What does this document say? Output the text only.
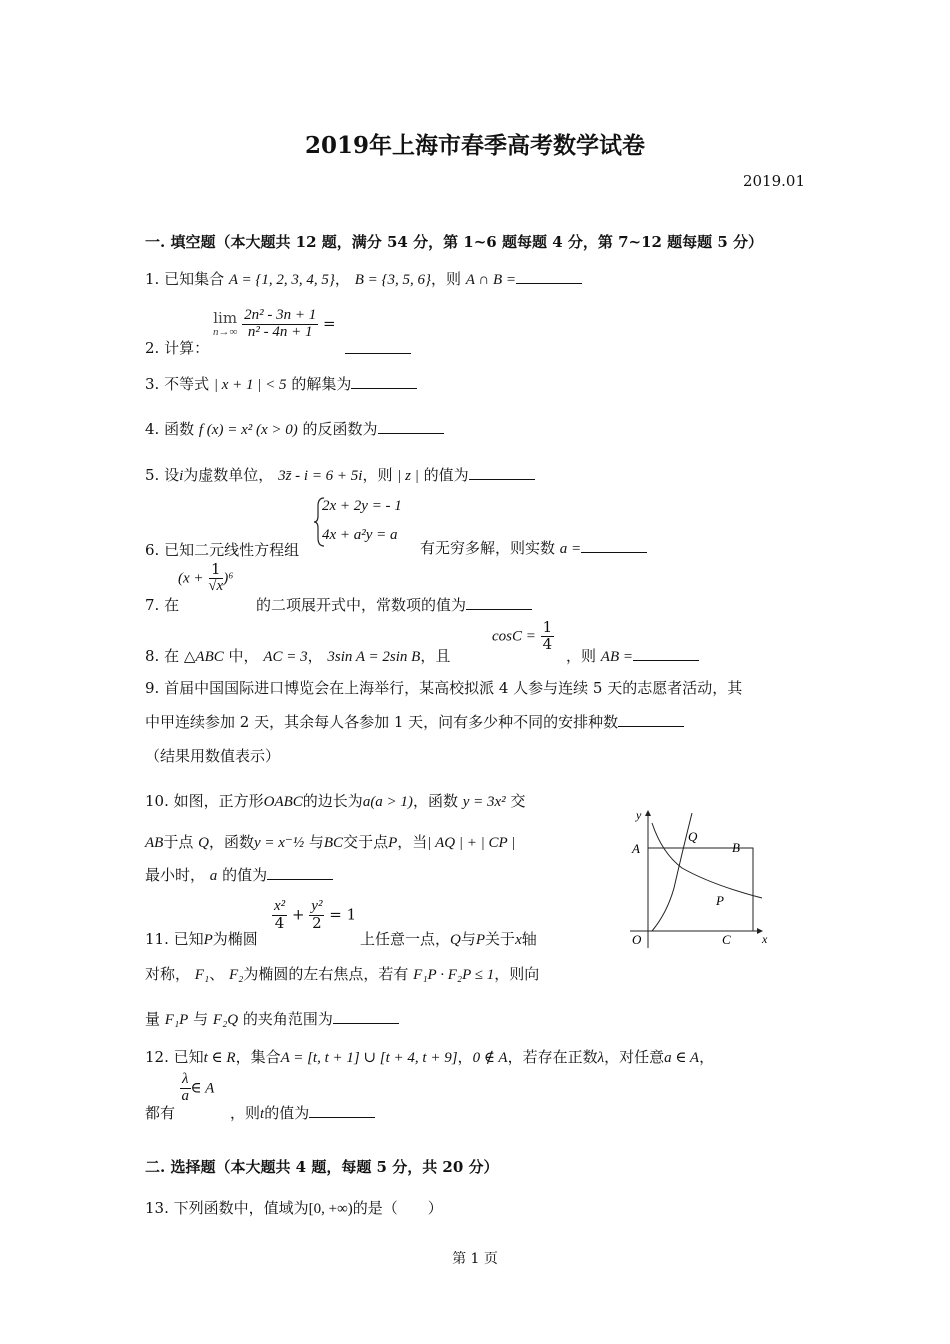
2019年上海市春季高考数学试卷
2019.01
一. 填空题（本大题共 12 题，满分 54 分，第 1~6 题每题 4 分，第 7~12 题每题 5 分）
1. 已知集合 A = {1, 2, 3, 4, 5}， B = {3, 5, 6}，则 A ∩ B =
2. 计算：
lim
n→∞
$\frac{\text{2n² - 3n + 1}}{\text{n² - 4n + 1}}$ =
3. 不等式 | x + 1 | < 5 的解集为
4. 函数 f (x) = x² (x > 0) 的反函数为
5. 设i为虚数单位， 3z̄ - i = 6 + 5i，则 | z | 的值为
6. 已知二元线性方程组
2x + 2y = - 1
4x + a²y = a
有无穷多解，则实数 a =
7. 在
$(x + \frac{1}{√x} )^6$
的二项展开式中，常数项的值为
8. 在 △ABC 中， AC = 3， 3sin A = 2sin B，且
$\cos C = \frac{1}{4}$
，则 AB =
9. 首届中国国际进口博览会在上海举行，某高校拟派 4 人参与连续 5 天的志愿者活动，其
中甲连续参加 2 天，其余每人各参加 1 天，问有多少种不同的安排种数
（结果用数值表示）
10. 如图，正方形OABC的边长为a(a > 1)，函数 y = 3x² 交
AB于点 Q，函数y = x⁻½ 与BC交于点P，当| AQ | + | CP |
最小时， a 的值为
y
x
O
A	B
C
Q
P
11. 已知P为椭圆
$\frac{\text{x²}}{4} + \frac{\text{y²}}{2} = 1$
上任意一点，Q与P关于x轴
对称， F₁、 F₂为椭圆的左右焦点，若有 F₁P · F₂P ≤ 1，则向
量 F₁P 与 F₂Q 的夹角范围为
12. 已知t ∈ R，集合A = [t, t + 1] ∪ [t + 4, t + 9]，0 ∉ A，若存在正数λ，对任意a ∈ A，
都有
$\frac{\lambda}{a}$ ∈ A
，则t的值为
二. 选择题（本大题共 4 题，每题 5 分，共 20 分）
13. 下列函数中，值域为[0, +∞)的是（　　）
第 1 页
